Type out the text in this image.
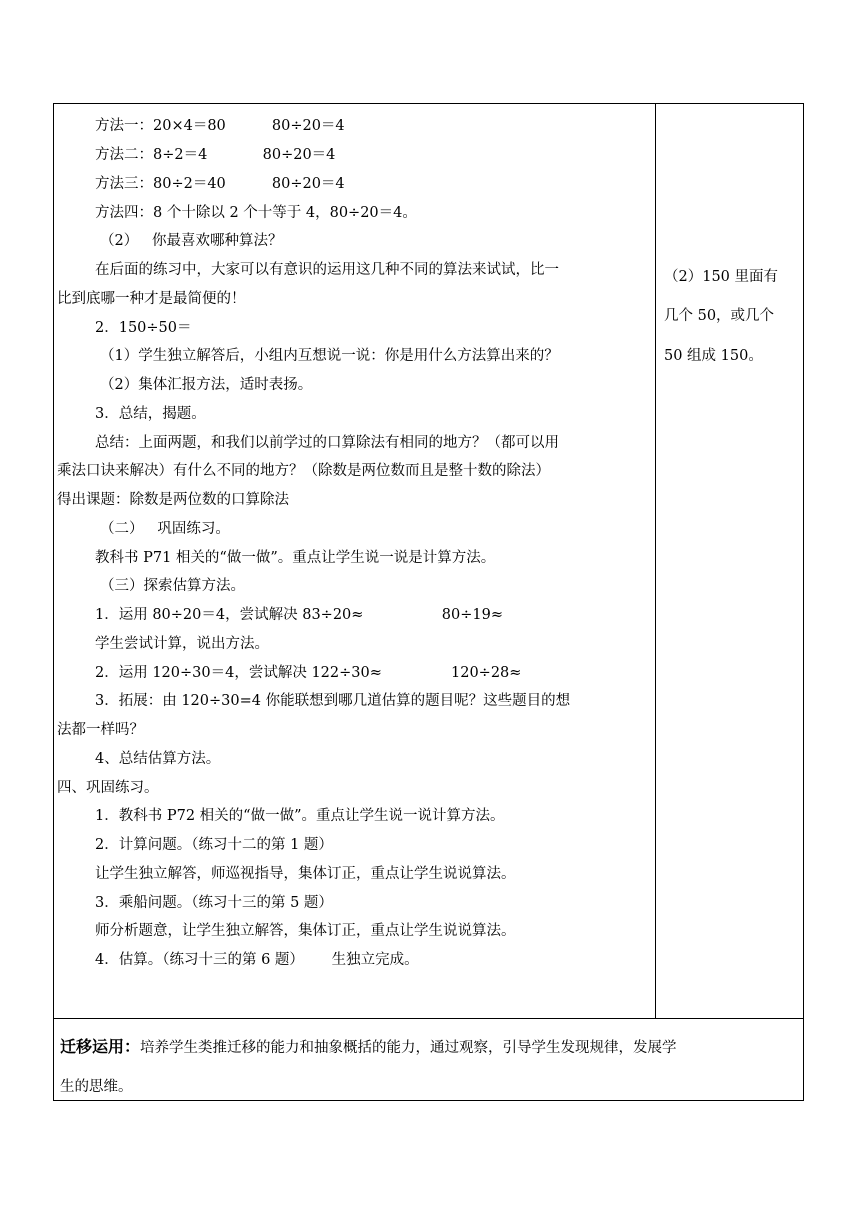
方法一：20×4＝80          80÷20＝4
方法二：8÷2＝4            80÷20＝4
方法三：80÷2＝40          80÷20＝4
方法四：8 个十除以 2 个十等于 4，80÷20＝4。
（2）   你最喜欢哪种算法？
在后面的练习中，大家可以有意识的运用这几种不同的算法来试试，比一
比到底哪一种才是最简便的！
2．150÷50＝
（1）学生独立解答后，小组内互想说一说：你是用什么方法算出来的？
（2）集体汇报方法，适时表扬。
3．总结，揭题。
总结：上面两题，和我们以前学过的口算除法有相同的地方？（都可以用
乘法口诀来解决）有什么不同的地方？（除数是两位数而且是整十数的除法）
得出课题：除数是两位数的口算除法
（二）   巩固练习。
教科书 P71 相关的“做一做”。重点让学生说一说是计算方法。
（三）探索估算方法。
1．运用 80÷20＝4，尝试解决 83÷20≈                 80÷19≈
学生尝试计算，说出方法。
2．运用 120÷30＝4，尝试解决 122÷30≈               120÷28≈
3．拓展：由 120÷30=4 你能联想到哪几道估算的题目呢？这些题目的想
法都一样吗？
4、总结估算方法。
四、巩固练习。
1．教科书 P72 相关的“做一做”。重点让学生说一说计算方法。
2．计算问题。（练习十二的第 1 题）
让学生独立解答，师巡视指导，集体订正，重点让学生说说算法。
3．乘船问题。（练习十三的第 5 题）
师分析题意，让学生独立解答，集体订正，重点让学生说说算法。
4．估算。（练习十三的第 6 题）      生独立完成。
（2）150 里面有
几个 50，或几个
50 组成 150。
迁移运用：培养学生类推迁移的能力和抽象概括的能力，通过观察，引导学生发现规律，发展学
生的思维。
